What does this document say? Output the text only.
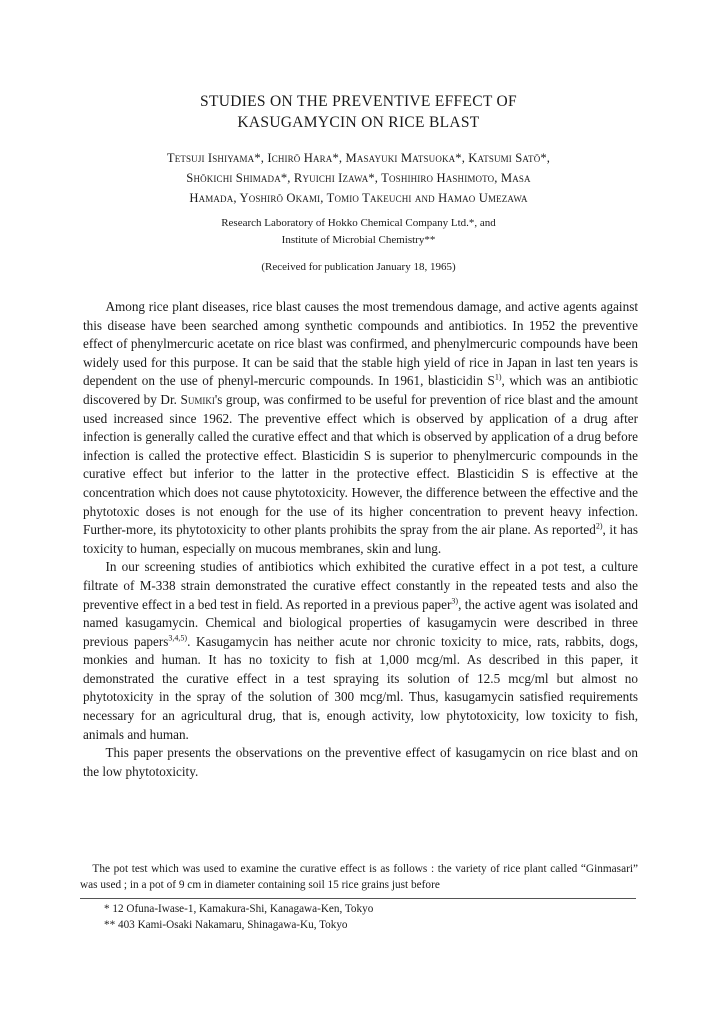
STUDIES ON THE PREVENTIVE EFFECT OF
KASUGAMYCIN ON RICE BLAST
Tetsuji Ishiyama*, Ichirō Hara*, Masayuki Matsuoka*, Katsumi Satō*,
Shōkichi Shimada*, Ryuichi Izawa*, Toshihiro Hashimoto, Masa
Hamada, Yoshirō Okami, Tomio Takeuchi and Hamao Umezawa
Research Laboratory of Hokko Chemical Company Ltd.*, and
Institute of Microbial Chemistry**
(Received for publication January 18, 1965)

Among rice plant diseases, rice blast causes the most tremendous damage, and active agents against this disease have been searched among synthetic compounds and antibiotics. In 1952 the preventive effect of phenylmercuric acetate on rice blast was confirmed, and phenylmercuric compounds have been widely used for this purpose. It can be said that the stable high yield of rice in Japan in last ten years is dependent on the use of phenyl-mercuric compounds. In 1961, blasticidin $S^{1)}$, which was an antibiotic discovered by Dr. Sumiki's group, was confirmed to be useful for prevention of rice blast and the amount used increased since 1962. The preventive effect which is observed by application of a drug after infection is generally called the curative effect and that which is observed by application of a drug before infection is called the protective effect. Blasticidin S is superior to phenylmercuric compounds in the curative effect but inferior to the latter in the protective effect. Blasticidin S is effective at the concentration which does not cause phytotoxicity. However, the difference between the effective and the phytotoxic doses is not enough for the use of its higher concentration to prevent heavy infection. Further-more, its phytotoxicity to other plants prohibits the spray from the air plane. As reported$^{2)}$, it has toxicity to human, especially on mucous membranes, skin and lung.

In our screening studies of antibiotics which exhibited the curative effect in a pot test, a culture filtrate of M-338 strain demonstrated the curative effect constantly in the repeated tests and also the preventive effect in a bed test in field. As reported in a previous paper$^{3)}$, the active agent was isolated and named kasugamycin. Chemical and biological properties of kasugamycin were described in three previous papers$^{3,4,5)}$. Kasugamycin has neither acute nor chronic toxicity to mice, rats, rabbits, dogs, monkies and human. It has no toxicity to fish at 1,000 mcg/ml. As described in this paper, it demonstrated the curative effect in a test spraying its solution of 12.5 mcg/ml but almost no phytotoxicity in the spray of the solution of 300 mcg/ml. Thus, kasugamycin satisfied requirements necessary for an agricultural drug, that is, enough activity, low phytotoxicity, low toxicity to fish, animals and human.

This paper presents the observations on the preventive effect of kasugamycin on rice blast and on the low phytotoxicity.

The pot test which was used to examine the curative effect is as follows : the variety of rice plant called “Ginmasari” was used ; in a pot of 9 cm in diameter containing soil 15 rice grains just before
* 12 Ofuna-Iwase-1, Kamakura-Shi, Kanagawa-Ken, Tokyo
** 403 Kami-Osaki Nakamaru, Shinagawa-Ku, Tokyo
